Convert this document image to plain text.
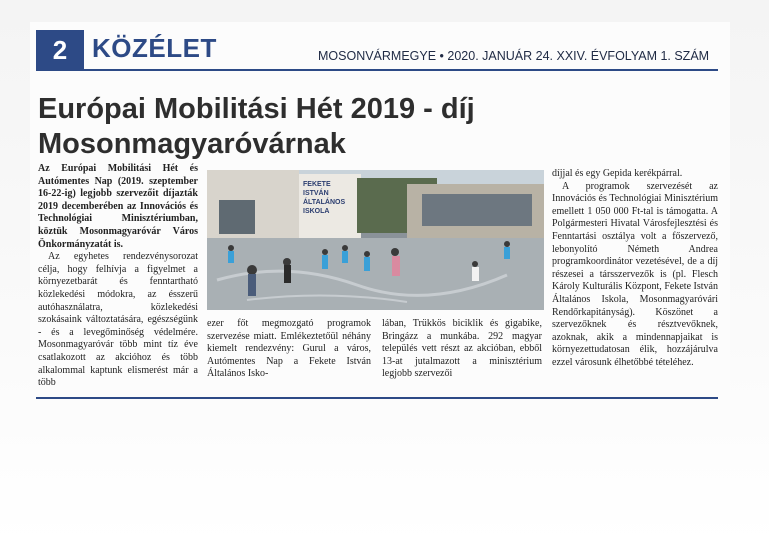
2 KÖZÉLET	MOSONVÁRMEGYE • 2020. JANUÁR 24. XXIV. ÉVFOLYAM 1. SZÁM
Európai Mobilitási Hét 2019 - díj Mosonmagyaróvárnak

Az Európai Mobilitási Hét és Autómentes Nap (2019. szeptember 16-22-ig) legjobb szervezőit díjazták 2019 decemberében az Innovációs és Technológiai Minisztériumban, köztük Mosonmagyaróvár Város Önkormányzatát is.

Az egyhetes rendezvénysorozat célja, hogy felhívja a figyelmet a környezetbarát és fenntartható közlekedési módokra, az ésszerű autóhasználatra, közlekedési szokásaink változtatására, egészségünk - és a levegőminőség védelmére. Mosonmagyaróvár több mint tíz éve csatlakozott az akcióhoz és több alkalommal kaptunk elismerést már a több

FEKETE
ISTVÁN
ÁLTALÁNOS
ISKOLA

ezer főt megmozgató programok szervezése miatt. Emlékeztetőül néhány kiemelt rendezvény: Gurul a város, Autómentes Nap a Fekete István Általános Isko-

lában, Trükkös biciklik és gigabike, Bringázz a munkába. 292 magyar település vett részt az akcióban, ebből 13-at jutalmazott a minisztérium legjobb szervezői

díjjal és egy Gepida kerékpárral.

A programok szervezését az Innovációs és Technológiai Minisztérium emellett 1 050 000 Ft-tal is támogatta. A Polgármesteri Hivatal Városfejlesztési és Fenntartási osztálya volt a főszervező, lebonyolító Németh Andrea programkoordinátor vezetésével, de a díj részesei a társszervezők is (pl. Flesch Károly Kulturális Központ, Fekete István Általános Iskola, Mosonmagyaróvári Rendőrkapitányság). Köszönet a szervezőknek és résztvevőknek, azoknak, akik a mindennapjaikat is környezettudatosan élik, hozzájárulva ezzel városunk élhetőbbé tételéhez.
